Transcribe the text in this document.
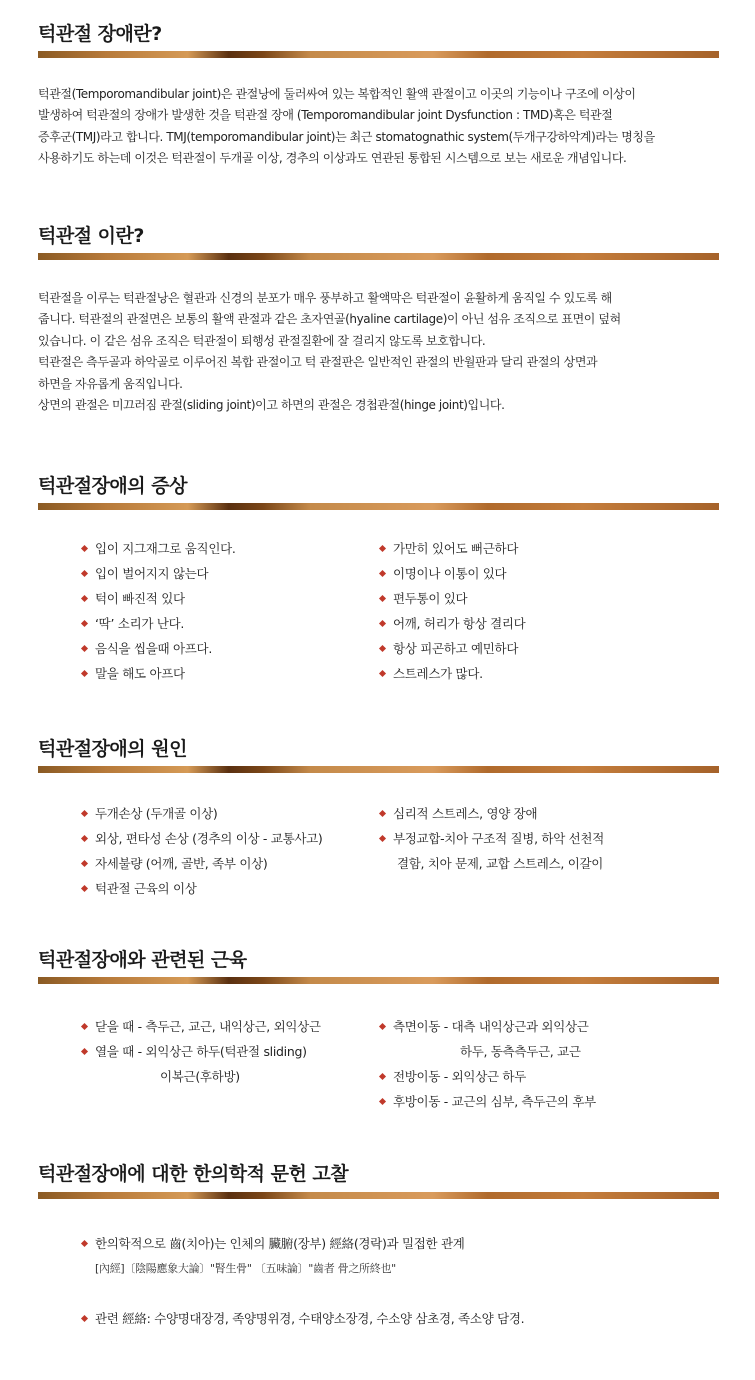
턱관절 장애란?

턱관절(Temporomandibular joint)은 관절낭에 둘러싸여 있는 복합적인 활액 관절이고 이곳의 기능이나 구조에 이상이

발생하여 턱관절의 장애가 발생한 것을 턱관절 장애 (Temporomandibular joint Dysfunction : TMD)혹은 턱관절

증후군(TMJ)라고 합니다. TMJ(temporomandibular joint)는 최근 stomatognathic system(두개구강하악계)라는 명칭을

사용하기도 하는데 이것은 턱관절이 두개골 이상, 경추의 이상과도 연관된 통합된 시스템으로 보는 새로운 개념입니다.

턱관절 이란?

턱관절을 이루는 턱관절낭은 혈관과 신경의 분포가 매우 풍부하고 활액막은 턱관절이 윤활하게 움직일 수 있도록 해

줍니다. 턱관절의 관절면은 보통의 활액 관절과 같은 초자연골(hyaline cartilage)이 아닌 섬유 조직으로 표면이 덮혀

있습니다. 이 같은 섬유 조직은 턱관절이 퇴행성 관절질환에 잘 걸리지 않도록 보호합니다.

턱관절은 측두골과 하악골로 이루어진 복합 관절이고 턱 관절판은 일반적인 관절의 반월판과 달리 관절의 상면과

하면을 자유롭게 움직입니다.

상면의 관절은 미끄러짐 관절(sliding joint)이고 하면의 관절은 경첩관절(hinge joint)입니다.

턱관절장애의 증상
입이 지그재그로 움직인다.
입이 벌어지지 않는다
턱이 빠진적 있다
‘딱’ 소리가 난다.
음식을 씹을때 아프다.
말을 해도 아프다
가만히 있어도 뻐근하다
이명이나 이통이 있다
편두통이 있다
어깨, 허리가 항상 결리다
항상 피곤하고 예민하다
스트레스가 많다.
턱관절장애의 원인
두개손상 (두개골 이상)
외상, 편타성 손상 (경추의 이상 - 교통사고)
자세불량 (어깨, 골반, 족부 이상)
턱관절 근육의 이상
심리적 스트레스, 영양 장애
부정교합-치아 구조적 질병, 하악 선천적
결함, 치아 문제, 교합 스트레스, 이갈이
턱관절장애와 관련된 근육
닫을 때 - 측두근, 교근, 내익상근, 외익상근
열을 때 - 외익상근 하두(턱관절 sliding)
이복근(후하방)
측면이동 - 대측 내익상근과 외익상근
하두, 동측측두근, 교근
전방이동 - 외익상근 하두
후방이동 - 교근의 심부, 측두근의 후부
턱관절장애에 대한 한의학적 문헌 고찰
한의학적으로 齒(치아)는 인체의 臟腑(장부) 經絡(경락)과 밀접한 관계
[內經]〔陰陽應象大論〕"腎生骨" 〔五味論〕"齒者 骨之所終也"
관련 經絡: 수양명대장경, 족양명위경, 수태양소장경, 수소양 삼초경, 족소양 담경.
